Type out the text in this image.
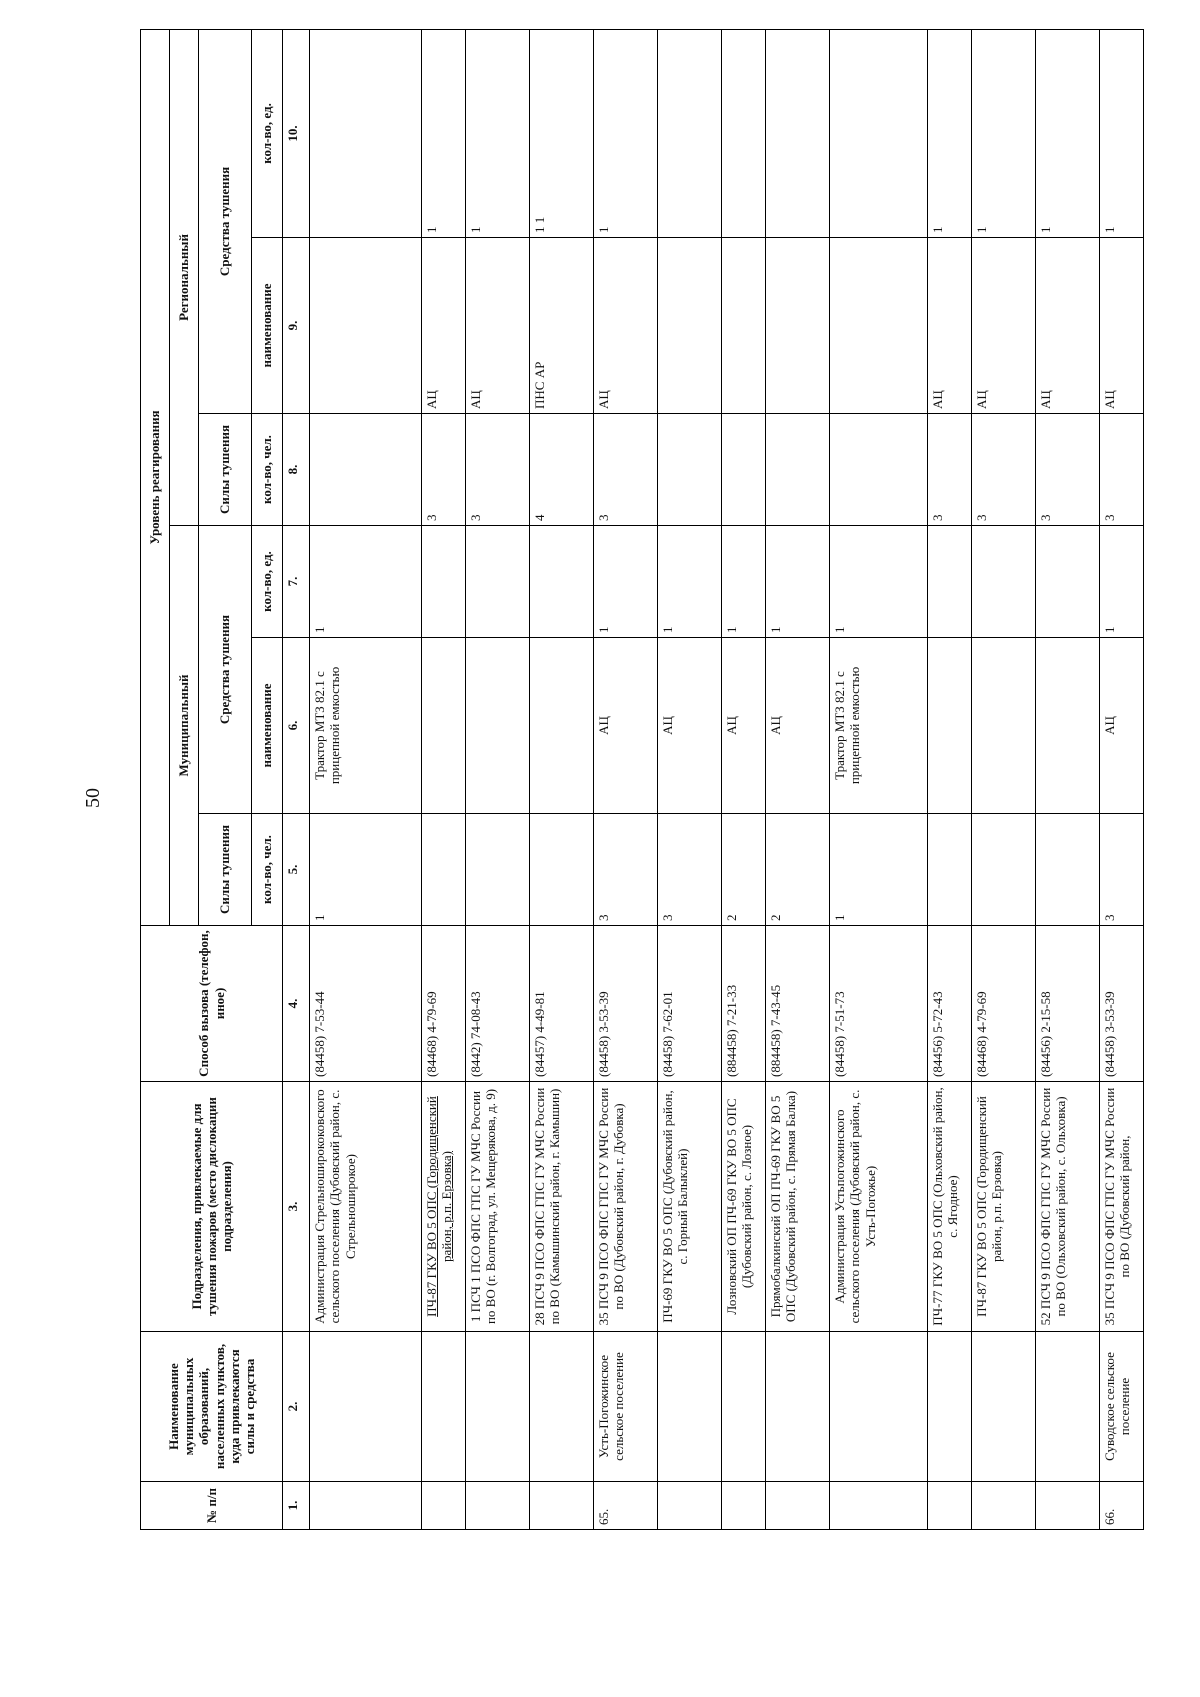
50
№ п/п	Наименование муниципальных образований, населенных пунктов, куда привлекаются силы и средства	Подразделения, привлекаемые для тушения пожаров (место дислокации подразделения)	Способ вызова (телефон, иное)	Уровень реагирования					
				Муниципальный			Региональный		
				Силы тушения	Средства тушения		Силы тушения	Средства тушения	
				кол-во, чел.	наименование	кол-во, ед.	кол-во, чел.	наименование	кол-во, ед.
1.	2.	3.	4.	5.	6.	7.	8.	9.	10.
		Администрация Стрельноширококовского сельского поселения (Дубовский район, с. Стрельноширокое)	(84458) 7-53-44	1	Трактор МТЗ 82.1 с прицепной емкостью	1			
		ПЧ-87 ГКУ ВО 5 ОПС (Городищенский район, р.п. Ерзовка)	(84468) 4-79-69				3	АЦ	1
		1 ПСЧ 1 ПСО ФПС ГПС ГУ МЧС России по ВО (г. Волгоград, ул. Мещерякова, д. 9)	(8442) 74-08-43				3	АЦ	1
		28 ПСЧ 9 ПСО ФПС ГПС ГУ МЧС России по ВО (Камышинский район, г. Камышин)	(84457) 4-49-81				4	ПНС АР	1 1
65.	Усть-Погожинское сельское поселение	35 ПСЧ 9 ПСО ФПС ГПС ГУ МЧС России по ВО (Дубовский район, г. Дубовка)	(84458) 3-53-39	3	АЦ	1	3	АЦ	1
		ПЧ-69 ГКУ ВО 5 ОПС (Дубовский район, с. Горный Балыклей)	(84458) 7-62-01	3	АЦ	1			
		Лозновский ОП ПЧ-69 ГКУ ВО 5 ОПС (Дубовский район, с. Лозное)	(884458) 7-21-33	2	АЦ	1			
		Прямобалкинский ОП ПЧ-69 ГКУ ВО 5 ОПС (Дубовский район, с. Прямая Балка)	(884458) 7-43-45	2	АЦ	1			
		Администрация Устьпогожинского сельского поселения (Дубовский район, с. Усть-Погожье)	(84458) 7-51-73	1	Трактор МТЗ 82.1 с прицепной емкостью	1			
		ПЧ-77 ГКУ ВО 5 ОПС (Ольховский район, с. Ягодное)	(84456) 5-72-43				3	АЦ	1
		ПЧ-87 ГКУ ВО 5 ОПС (Городищенский район, р.п. Ерзовка)	(84468) 4-79-69				3	АЦ	1
		52 ПСЧ 9 ПСО ФПС ГПС ГУ МЧС России по ВО (Ольховский район, с. Ольховка)	(84456) 2-15-58				3	АЦ	1
66.	Суводское сельское поселение	35 ПСЧ 9 ПСО ФПС ГПС ГУ МЧС России по ВО (Дубовский район,	(84458) 3-53-39	3	АЦ	1	3	АЦ	1
